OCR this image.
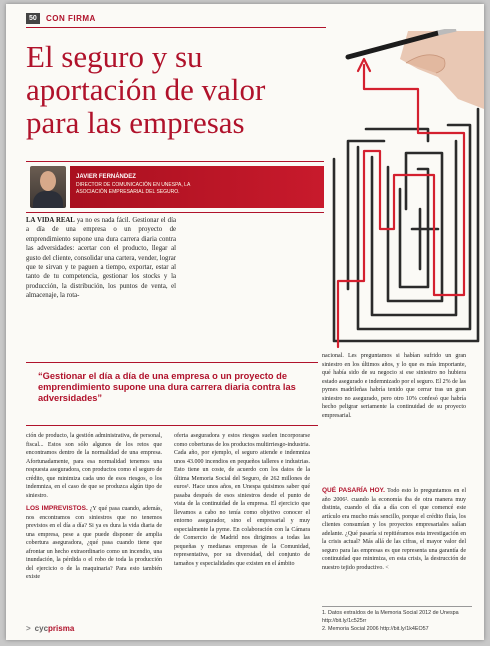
50	CON FIRMA
El seguro y su aportación de valor para las empresas
JAVIER FERNÁNDEZ
DIRECTOR DE COMUNICACIÓN EN UNESPA, LA ASOCIACIÓN EMPRESARIAL DEL SEGURO.
LA VIDA REAL ya no es nada fácil. Gestionar el día a día de una empresa o un proyecto de emprendimiento supone una dura carrera diaria contra las adversidades: acertar con el producto, llegar al gusto del cliente, consolidar una cartera, vender, lograr que te sirvan y te paguen a tiempo, exportar, estar al tanto de tu competencia, gestionar los stocks y la producción, la distribución, los puntos de venta, el almacenaje, la rota-
“Gestionar el día a día de una empresa o un proyecto de emprendimiento supone una dura carrera diaria contra las adversidades”

ción de producto, la gestión administrativa, de personal, fiscal... Estos son sólo algunos de los retos que encontramos dentro de la normalidad de una empresa. Afortunadamente, para esa normalidad tenemos una respuesta aseguradora, con productos como el seguro de crédito, que minimiza cada uno de esos riesgos, o los indemniza, en el caso de que se produzca algún tipo de siniestro.

LOS IMPREVISTOS. ¿Y qué pasa cuando, además, nos encontramos con siniestros que no tenemos previstos en el día a día? Si ya es dura la vida diaria de una empresa, pese a que puede disponer de amplia cobertura aseguradora, ¿qué pasa cuando tiene que afrontar un hecho extraordinario como un incendio, una inundación, la pérdida o el robo de toda la producción del ejercicio o de la maquinaria? Para esto también existe

oferta aseguradora y estos riesgos suelen incorporarse como coberturas de los productos multirriesgo-industria. Cada año, por ejemplo, el seguro atiende e indemniza unos 43.000 incendios en pequeños talleres e industrias. Esto tiene un coste, de acuerdo con los datos de la última Memoria Social del Seguro, de 262 millones de euros¹. Hace unos años, en Unespa quisimos saber qué pasaba después de esos siniestros desde el punto de vista de la continuidad de la empresa. El ejercicio que llevamos a cabo no tenía como objetivo conocer el entorno asegurador, sino el empresarial y muy especialmente la pyme. En colaboración con la Cámara de Comercio de Madrid nos dirigimos a todas las pequeñas y medianas empresas de la Comunidad, representativa, por su diversidad, del conjunto de tamaños y especialidades que existen en el ámbito

nacional. Les preguntamos si habían sufrido un gran siniestro en los últimos años, y lo que es más importante, qué había sido de su negocio si ese siniestro no hubiera estado asegurado e indemnizado por el seguro. El 2% de las pymes madrileñas habría tenido que cerrar tras un gran siniestro no asegurado, pero otro 10% confesó que habría hecho peligrar seriamente la continuidad de su proyecto empresarial.

QUÉ PASARÍA HOY. Todo esto lo preguntamos en el año 2006². cuando la economía iba de otra manera muy distinta, cuando el día a día con el que comencé este artículo era mucho más sencillo, porque el crédito fluía, los clientes consumían y los proyectos empresariales salían adelante. ¿Qué pasaría si repitiéramos esta investigación en la crisis actual? Más allá de las cifras, el mayor valor del seguro para las empresas es que representa una garantía de continuidad que minimiza, en esta crisis, la destrucción de nuestro tejido productivo. <

1. Datos extraídos de la Memoria Social 2012 de Unespa http://bit.ly/1c525rr
2. Memoria Social 2006 http://bit.ly/1k4EO57
> cycprisma
